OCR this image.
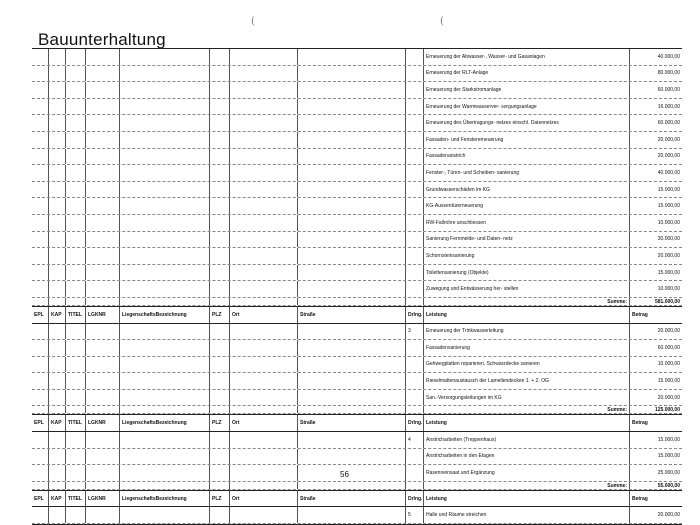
Bauunterhaltung
(	(
Erneuerung der Abwasser-, Wasser- und Gasanlagen	40.000,00
Erneuerung der RLT-Anlage	80.000,00
Erneuerung der Starkstromanlage	60.000,00
Erneuerung der Warmwasserver- sorgungsanlage	16.000,00
Erneuerung des Übertragungs- netzes einschl. Datennetzes	60.000,00
Fassaden- und Fenstererneuerung	20.000,00
Fassadenanstrich	20.000,00
Fenster-, Türen- und Scheiben- sanierung	40.000,00
Grundwasserschäden im KG	15.000,00
KG-Aussentürerneuerung	15.000,00
RW-Fallrohre anschliessen	10.000,00
Sanierung Fernmelde- und Daten- netz	30.000,00
Schornsteinsanierung	20.000,00
Toilettensanierung (Objekte)	15.000,00
Zuwegung und Entwässerung her- stellen	10.000,00
Summe:	581.000,00
EPL	KAP	TITEL	LGKNR	LiegenschaftsBezeichnung	PLZ	Ort	Straße	Drlng. Leistung	Betrag
3	Erneuerung der Trinkwasserleitung	20.000,00
Fassadensanierung	60.000,00
Gehwegplatten reparieren, Schwarzdecke sanieren	10.000,00
Rieselmattenaustausch der Lamellendecken 1. + 2. OG	15.000,00
San.-Versorgungsleitungen im KG	20.000,00
Summe:	125.000,00
EPL	KAP	TITEL	LGKNR	LiegenschaftsBezeichnung	PLZ	Ort	Straße	Drlng. Leistung	Betrag
4	Anstricharbeiten (Treppenhaus)	15.000,00
Anstricharbeiten in den Etagen	15.000,00
Rasenneinsaat und Ergänzung	25.000,00
Summe:	55.000,00
EPL	KAP	TITEL	LGKNR	LiegenschaftsBezeichnung	PLZ	Ort	Straße	Drlng. Leistung	Betrag
5	Halle und Räume streichen	20.000,00
56
